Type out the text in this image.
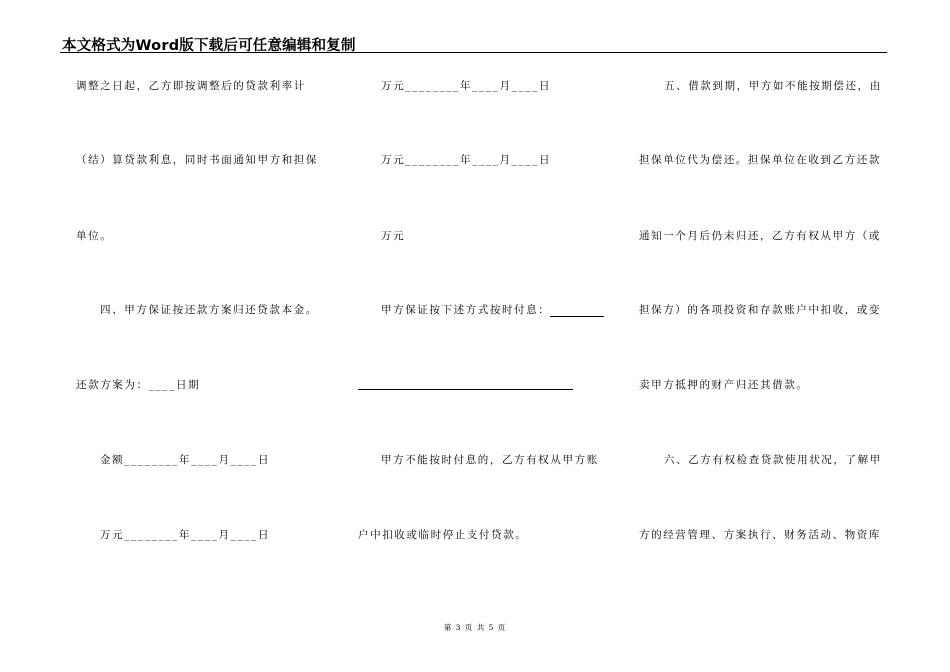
本文格式为Word版下载后可任意编辑和复制
调整之日起，乙方即按调整后的贷款利率计
（结）算贷款利息，同时书面通知甲方和担保
单位。
四、甲方保证按还款方案归还贷款本金。
还款方案为：____日期
金额________年____月____日
万元________年____月____日
万元________年____月____日
万元________年____月____日
万元
甲方保证按下述方式按时付息：
甲方不能按时付息的，乙方有权从甲方账
户中扣收或临时停止支付贷款。
五、借款到期，甲方如不能按期偿还，由
担保单位代为偿还。担保单位在收到乙方还款
通知一个月后仍未归还，乙方有权从甲方（或
担保方）的各项投资和存款账户中扣收，或变
卖甲方抵押的财产归还其借款。
六、乙方有权检查贷款使用状况，了解甲
方的经营管理、方案执行、财务活动、物资库
第 3 页 共 5 页
